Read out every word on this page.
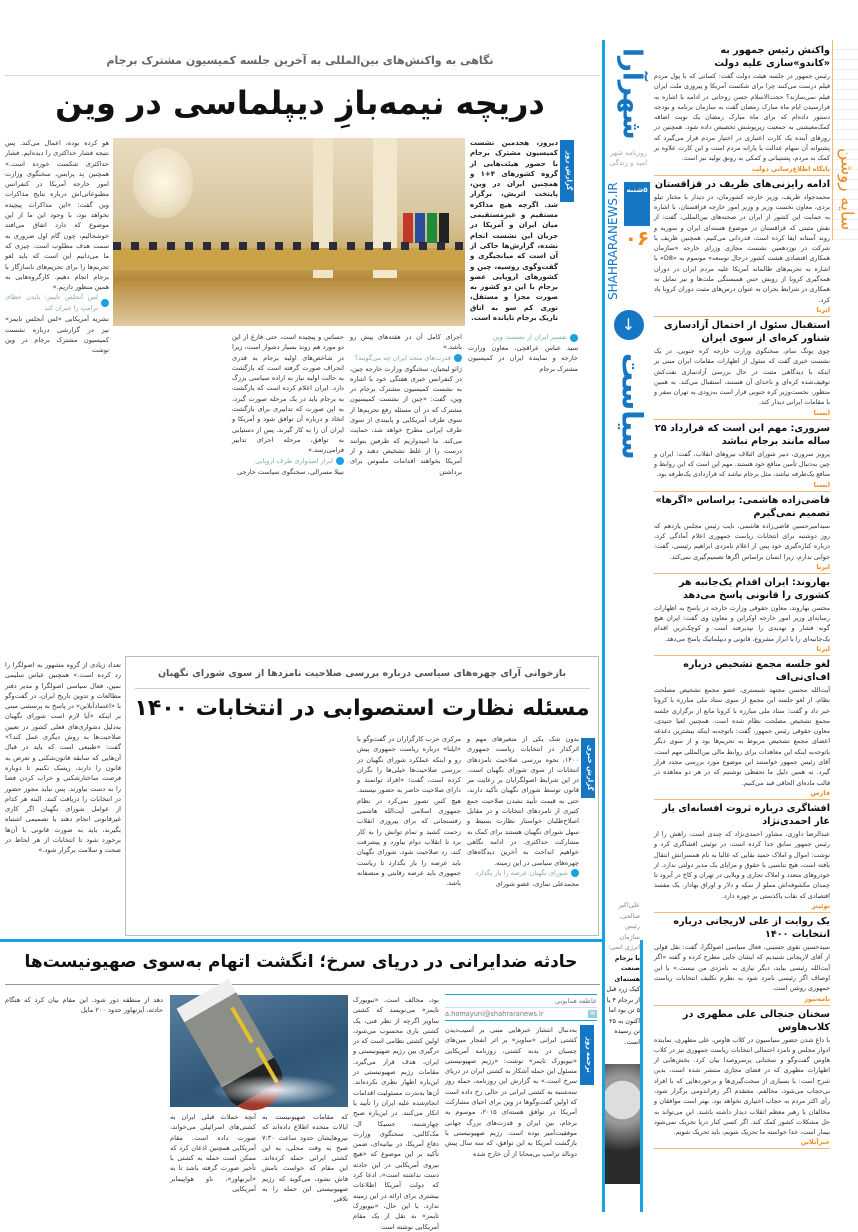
سایه روشن
شهرآرا
روزنامه شهر امید و زندگی
۵شنبه
SHAHRARANEWS.IR ۰۶
↓
سیاست
واکنش رئیس جمهور به «کاندو»سازی علیه دولت
رئیس جمهور در جلسه هیئت دولت گفت: کسانی که با پول مردم فیلم درست می‌کنند چرا برای شکست آمریکا و پیروزی ملت ایران فیلم نمی‌سازند؟ حجت‌الاسلام حسن روحانی در ادامه با اشاره به فرارسیدن ایام ماه مبارک رمضان گفت به سازمان برنامه و بودجه دستور داده‌ام که برای ماه مبارک رمضان یک نوبت اضافه کمک‌معیشتی به جمعیت زیرپوشش تخصیص داده شود. همچنین در روزهای آینده یک کارت اعتباری در اختیار مردم قرار می‌گیرد که پشتوانه آن سهام عدالت یا یارانه مردم است و این کارت علاوه بر کمک به مردم، پشتیبانی و کمکی به رونق تولید نیز است.
پایگاه اطلاع‌رسانی دولت
ادامه رایزنی‌های ظریف در قزاقستان
محمدجواد ظریف، وزیر خارجه کشورمان، در دیدار با مختار تیلو بردی، معاون نخست وزیر و وزیر امور خارجه قزاقستان، با اشاره به حمایت این کشور از ایران در صحنه‌های بین‌المللی، گفت: از نقش مثبتی که قزاقستان در موضوع هسته‌ای ایران و سوریه و روند آستانه ایفا کرده است، قدردانی می‌کنیم. همچنین ظریف با شرکت در نوزدهمین نشست مجازی وزرای خارجه «سازمان همکاری اقتصادی هشت کشور درحال توسعه» موسوم به «D8» با اشاره به تحریم‌های ظالمانه آمریکا علیه مردم ایران در دوران همه‌گیری کرونا از رویش حس همبستگی ملت‌ها و نیز تمایل به همکاری در شرایط بحران به عنوان درس‌های مثبت دوران کرونا یاد کرد.
ایرنا
استقبال سئول از احتمال آزادسازی شناور کره‌ای از سوی ایران
چوی یونگ سام، سخنگوی وزارت خارجه کره جنوبی، در یک نشست خبری گفت که سئول از اظهارات مقامات ایران مبنی بر اینکه با دیدگاهی مثبت در حال بررسی آزادسازی نفت‌کش توقیف‌شده کره‌ای و ناخدای آن هستند، استقبال می‌کند. به همین منظور، نخست‌وزیر کره جنوبی قرار است به‌زودی به تهران سفر و با مقامات ایرانی دیدار کند.
ایسنا
سروری: مهم این است که قرارداد ۲۵ ساله مانند برجام نباشد
پرویز سروری، دبیر شورای ائتلاف نیروهای انقلاب، گفت: ایران و چین به‌دنبال تأمین منافع خود هستند. مهم این است که این روابط و منافع یک‌طرفه نباشد، مثل برجام نباشد که قراردادی یک‌طرفه بود.
ایسنا
قاضی‌زاده هاشمی: براساس «اگرها» تصمیم نمی‌گیرم
سیدامیرحسین قاضی‌زاده هاشمی، نایب رئیس مجلس یازدهم که روز دوشنبه برای انتخابات ریاست جمهوری اعلام آمادگی کرد، درباره کناره‌گیری خود پس از اعلام نامزدی ابراهیم رئیسی، گفت: جوابی ندارم، زیرا انسان براساس اگرها تصمیم‌گیری نمی‌کند.
ایرنا
بهاروند: ایران اقدام یک‌جانبه هر کشوری را قانونی پاسخ می‌دهد
محسن بهاروند، معاون حقوقی وزارت خارجه در پاسخ به اظهارات رسانه‌ای وزیر امور خارجه اوکراین و معاون وی گفت: ایران هیچ گونه فشار و تهدیدی را نپذیرفته است و کوچک‌ترین اقدام یک‌جانبه‌ای را با ابزار مشروع، قانونی و دیپلماتیک پاسخ می‌دهد.
ایرنا
لغو جلسه مجمع تشخیص درباره اف‌ای‌تی‌اف
آیت‌الله محسن مجتهد شبستری، عضو مجمع تشخیص مصلحت نظام، از لغو جلسه این مجمع از سوی ستاد ملی مبارزه با کرونا خبر داد و گفت: ستاد ملی مبارزه با کرونا مانع از برگزاری جلسه مجمع تشخیص مصلحت نظام شده است. همچنین لعیا جنیدی، معاون حقوقی رئیس جمهور، گفت: باتوجه‌به اینکه بیشترین دغدغه اعضای مجمع تشخیص مربوط به تحریم‌ها بود و از سوی دیگر باتوجه‌به اینکه این معاهدات برای روابط مالی بین‌المللی مهم است، آقای رئیس جمهور خواستند این موضوع مورد بررسی مجدد قرار گیرد. به همین دلیل ما تحفظی نوشتیم که در هر دو معاهده در قالب ماده‌ای الحاقی قید می‌کنیم.
فارس
افشاگری درباره ثروت افسانه‌ای یار غار احمدی‌نژاد
عبدالرضا داوری، مشاور احمدی‌نژاد که چندی است، راهش را از رئیس جمهور سابق جدا کرده است، در توئیتی افشاگری کرد و نوشت: اموال و املاک حمید بقایی که غالبا به نام همسرانش انتقال یافته است، هیچ تناسبی با حقوق و مزایای یک مدیر دولتی ندارد. از خودروهای متعدد و املاک تجاری و ویلایی در تهران و کاخ در آبرود تا چمدان مکشوفه‌اش مملو از سکه و دلار و اوراق بهادار. یک مفسد اقتصادی که نقاب پاکدستی بر چهره دارد.
توئیتر
یک روایت از علی لاریجانی درباره انتخابات ۱۴۰۰
سیدحسین نقوی حسینی، فعال سیاسی اصولگرا، گفت: نقل قولی از آقای لاریجانی شنیدیم که ایشان جایی مطرح کرده و گفته «اگر آیت‌الله رئیسی بیاید، دیگر نیازی به نامزدی من نیست.» با این اوصاف اگر رئیسی نامزد شود به نظرم تکلیف انتخابات ریاست جمهوری روشن است.
نامه‌نیوز
سخنان جنجالی علی مطهری در کلاب‌هاوس
با داغ شدن حضور سیاسیون در کلاب هاوس، علی مطهری، نماینده ادوار مجلس و نامزد احتمالی انتخابات ریاست جمهوری نیز در کلاب هاوس گفت‌وگو و سخنانی پرسروصدا بیان کرد. بخش‌هایی از اظهارات مطهری که در فضای مجازی منتشر شده است، بدین شرح است: با بسیاری از سخت‌گیری‌ها و برخوردهایی که با افراد بی‌حجاب می‌شود، مخالفم. معتقدم اگر رفراندومی برگزار شود، رأی اکثر مردم به حجاب اختیاری نخواهد بود. بهتر است موافقان و مخالفان با رهبر معظم انقلاب دیدار داشته باشند. این می‌تواند به حل مشکلات کشور کمک کند. اگر کسی کنار دریا تحریک نمی‌شود بیمار است، خدا خواسته ما تحریک شویم، باید تحریک شویم.
خبرآنلاین
نگاهی به واکنش‌های بین‌المللی به آخرین جلسه کمیسیون مشترک برجام
دریچه نیمه‌بازِ دیپلماسی در وین
هو کرده بوده، اعمال می‌کند. پس نتیجه فشار حداکثری را دیده‌ایم. فشار حداکثری شکست خورده است.» همچنین نِد پرایس، سخنگوی وزارت امور خارجه آمریکا در کنفرانس مطبوعاتی‌اش درباره نتایج مذاکرات وین گفت: «این مذاکرات پیچیده نخواهد بود، با وجود این ما از این موضوع که دارد اتفاق می‌افتد خوشحالیم، چون گام اول ضروری به سمت هدف مطلوب است. چیزی که ما می‌دانیم این است که باید لغو تحریم‌ها را برای تحریم‌های ناسازگار با برجام انجام دهیم. کارگروه‌هایی به همین منظور داریم.»
لس آنجلس تایمز: بایدن خطای ترامپ را جبران کند
نشریه آمریکایی «لس آنجلس تایمز» نیز در گزارشی درباره نشست کمیسیون مشترک برجام در وین نوشت
دیروز، هجدمین نشست کمیسیون مشترک برجام با حضور هیئت‌هایی از گروه کشورهای ۴+۱ و همچنین ایران در وین، پایتخت اتریش، برگزار شد. اگرچه هیچ مذاکره مستقیم و غیرمستقیمی میان ایران و آمریکا در جریان این نشست انجام نشده، گزارش‌ها حاکی از آن است که میانجیگری و گفت‌وگوی روسیه، چین و کشورهای اروپایی عضو برجام با این دو کشور به صورت مجزا و مستقل، نوری کم سو به اتاق تاریک برجام تابانده است.
گزارش روز
تفسیر ایران از نشست وین
سید عباس عراقچی، معاون وزارت خارجه و نماینده ایران در کمیسیون مشترک برجام
اجرای کامل آن در هفته‌های پیش رو باشد.»
قدرت‌های متحد ایران چه می‌گویند؟
ژائو لیجیان، سخنگوی وزارت خارجه چین، در کنفرانس خبری هفتگی خود با اشاره به نشست کمیسیون مشترک برجام در وین، گفت: «چین از نشست کمیسیون مشترک که در آن مسئله رفع تحریم‌ها از سوی طرف آمریکایی و پایبندی از سوی طرف ایرانی مطرح خواهد شد، حمایت می‌کند. ما امیدواریم که طرفین بتوانند درست را از غلط تشخیص دهند و از آمریکا بخواهند اقدامات ملموس برای برداشتن
حساس و پیچیده است، حتی فارغ از این دو مورد هم روند بسیار دشوار است، زیرا در شاخص‌های اولیه برجام به قدری انحراف صورت گرفته است که بازگشت به حالت اولیه نیاز به اراده سیاسی بزرگ دارد. ایران اعلام کرده است که بازگشت به برجام باید در یک مرحله صورت گیرد، به این صورت که تدابیری برای بازگشت اتخاذ و درباره آن توافق شود و آمریکا و ایران آن را به کار گیرند. پس از دستیابی به توافق، مرحله اجرای تدابیر فرامی‌رسد.»
ابراز امیدواری طرف اروپایی
نبیلا مسرالی، سخنگوی سیاست خارجی
تعداد زیادی از گروه مشهور به اصولگرا را رد کرده است.» همچنین عباس سلیمی نمین، فعال سیاسی اصولگرا و مدیر دفتر مطالعات و تدوین تاریخ ایران، در گفت‌وگو با «اعتمادآنلاین» در پاسخ به پرسشی مبنی بر اینکه «آیا لازم است شورای نگهبان به‌دلیل دشواری‌های فعلی کشور در تعیین صلاحیت‌ها به روش دیگری عمل کند؟» گفت: «طبیعی است که باید در قبال آن‌هایی که سابقه قانون‌شکنی و تعرض به قانون را دارند، ریسک نکنیم تا دوباره فرصت ساختارشکنی و خراب کردن فضا را به دست نیاورند. پس نباید مجوز حضور در انتخابات را دریافت کنند. البته هر کدام از عوامل شورای نگهبان اگر کاری غیرقانونی انجام دهند یا تصمیمی اشتباه بگیرند، باید به صورت قانونی با آن‌ها برخورد شود تا انتخابات از هر لحاظ در صحت و سلامت برگزار شود.»
بازخوانی آرای چهره‌های سیاسی درباره بررسی صلاحیت نامزدها از سوی شورای نگهبان
مسئله نظارت استصوابی در انتخابات ۱۴۰۰
گزارش خبری
بدون شک یکی از متغیرهای مهم و اثرگذار در انتخابات ریاست جمهوری ۱۴۰۰، نحوه بررسی صلاحیت نامزدهای انتخابات از سوی شورای نگهبان است. در این شرایط اصولگرایان بر رعایت مر قانون توسط شورای نگهبان تأکید دارند، حتی به قیمت تأیید نشدن صلاحیت جمع کثیری از نامزدهای انتخابات و در مقابل اصلاح‌طلبان خواستار نظارت بسیط و سهل شورای نگهبان هستند برای کمک به مشارکت حداکثری. در ادامه نگاهی خواهیم انداخت به آخرین دیدگاه‌های چهره‌های سیاسی در این زمینه.
شورای نگهبان عرصه را باز بگذارد
محمدعلی نمازی، عضو شورای
مرکزی حزب کارگزاران در گفت‌وگو با «ایلنا» درباره ریاست جمهوری پیش رو و اینکه عملکرد شورای نگهبان در بررسی صلاحیت‌ها خیلی‌ها را نگران کرده است، گفت: «افراد توانمند و دارای صلاحیت حاضر به حضور نیستند. هیچ کس تصور نمی‌کرد در نظام جمهوری اسلامی آیت‌الله هاشمی رفسنجانی که برای پیروزی انقلاب زحمت کشید و تمام توانش را به کار برد تا انقلاب دوام بیاورد و پیشرفت کند، رد صلاحیت شود. شورای نگهبان باید عرصه را باز بگذارد تا ریاست جمهوری باید عرصه رقابتی و منصفانه باشد.
علی‌اکبر صالحی، رئیس سازمان انرژی اتمی:
با برجام صنعت هسته‌ای
کیک زرد قبل از برجام ۴ یا ۵ تن بود اما اکنون به ۲۵ تن رسیده است.
حادثه ضدایرانی در دریای سرخ؛ انگشت اتهام به‌سوی صهیونیست‌ها
عاطفه همایونی
✉
a.homayuni@shahraranews.ir
ترجمه روز
به‌دنبال انتشار خبرهایی مبنی بر آسیب‌دیدن کشتی ایرانی «ساویز» بر اثر انفجار مین‌های چسبان در بدنه کشتی، روزنامه آمریکایی «نیویورک تایمز» نوشت: «رژیم صهیونیستی مسئول این حمله آشکار به کشتی ایران در دریای سرخ است.» به گزارش این روزنامه، حمله روز سه‌شنبه به کشتی ایرانی در حالی رخ داده است که اولین گفت‌وگوها در وین برای احیای مشارکت آمریکا در توافق هسته‌ای ۲۰۱۵، موسوم به برجام، بین ایران و قدرت‌های بزرگ جهانی موفقیت‌آمیز بوده است. رژیم صهیونیستی با بازگشت آمریکا به این توافق، که سه سال پیش دونالد ترامپ بی‌محابا از آن خارج شده
بود، مخالف است. «نیویورک تایمز» می‌نویسد که کشتی ساویز اگرچه از نظر فنی، یک کشتی باری محسوب می‌شود، اولین کشتی نظامی است که در درگیری بین رژیم صهیونیستی و ایران، هدف قرار می‌گیرد. مقامات رژیم صهیونیستی در این‌باره اظهار نظری نکرده‌اند. آن‌ها به‌ندرت مسئولیت اقدامات انجام‌شده علیه ایران را تأیید یا انکار می‌کنند. در این‌باره صبح چهارشنبه، جسیکا ال. مک‌کالتی، سخنگوی وزارت دفاع آمریکا، در بیانیه‌ای، ضمن تأکید بر این موضوع که «هیچ نیروی آمریکایی در این حادثه دست نداشته است»، ادعا کرد که دولت آمریکا اطلاعات بیشتری برای ارائه در این زمینه ندارد. با این حال، «نیویورک تایمز» به نقل از یک مقام آمریکایی نوشته است
که مقامات صهیونیست به ایالات متحده اطلاع داده‌اند که نیروهایشان حدود ساعت ۷:۳۰ صبح به وقت محلی، به این کشتی ایرانی حمله کرده‌اند. این مقام که خواست نامش فاش نشود، می‌گوید که رژیم صهیونیستی این حمله را به تلافی
آنچه حملات قبلی ایران به کشتی‌های اسرائیلی می‌خواند، صورت داده است. مقام آمریکایی همچنین اذعان کرد که ممکن است حمله به کشتی با تأخیر صورت گرفته باشد تا به «آیزنهاور»، ناو هواپیمابر آمریکایی
دهد از منطقه دور شود. این مقام بیان کرد که هنگام حادثه، آیزنهاور حدود ۲۰۰ مایل
